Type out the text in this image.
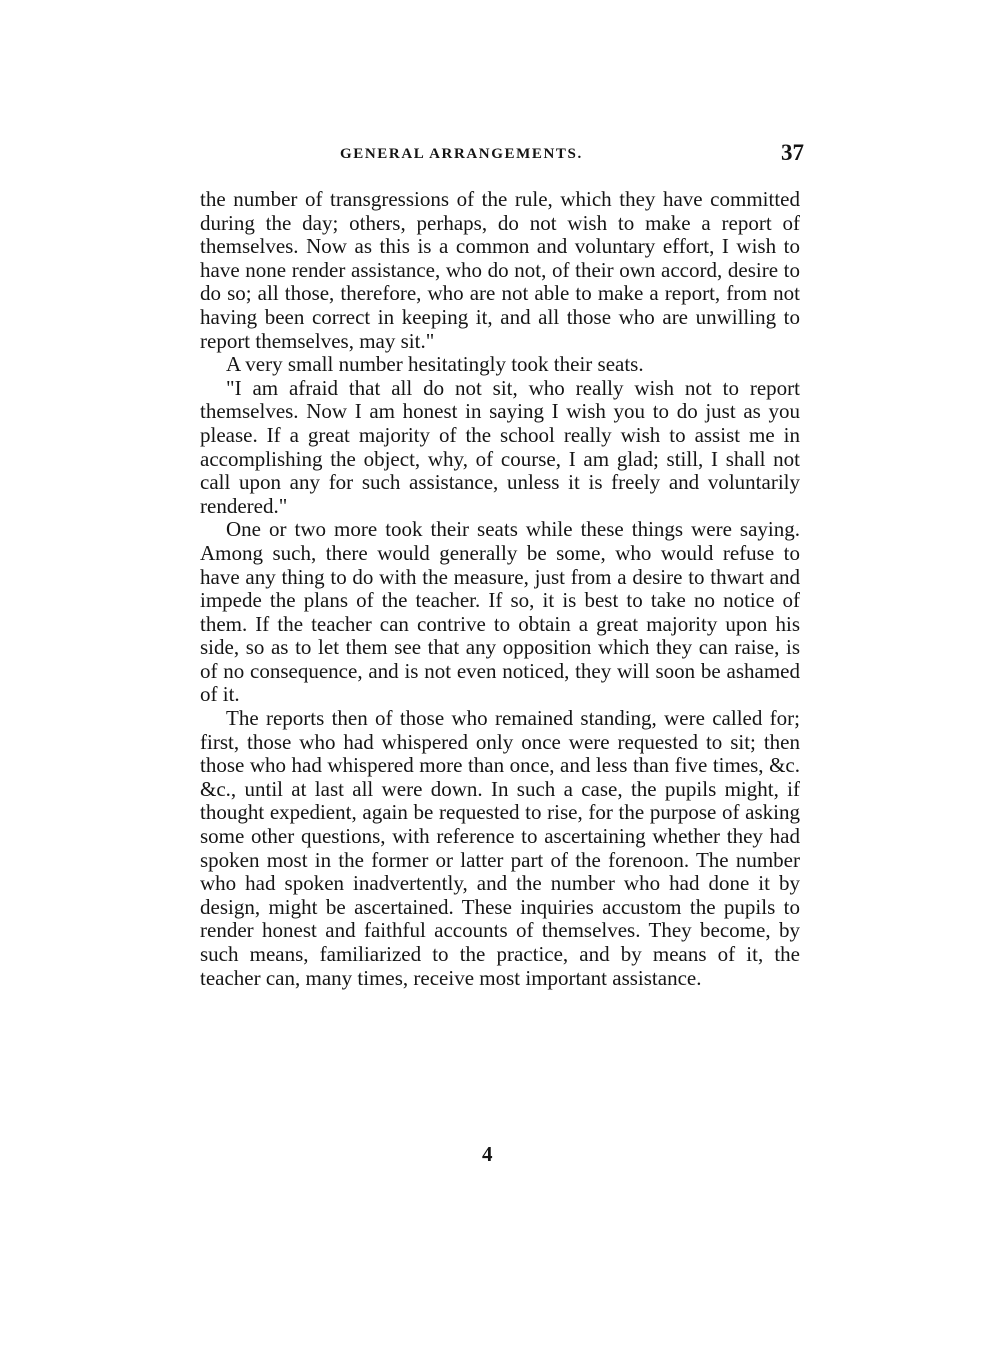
GENERAL ARRANGEMENTS.	37

the number of transgressions of the rule, which they have committed during the day; others, perhaps, do not wish to make a report of themselves. Now as this is a common and voluntary effort, I wish to have none render assistance, who do not, of their own accord, desire to do so; all those, therefore, who are not able to make a report, from not having been correct in keeping it, and all those who are unwilling to report themselves, may sit."

A very small number hesitatingly took their seats.

"I am afraid that all do not sit, who really wish not to report themselves. Now I am honest in saying I wish you to do just as you please. If a great majority of the school really wish to assist me in accomplishing the object, why, of course, I am glad; still, I shall not call upon any for such assistance, unless it is freely and voluntarily rendered."

One or two more took their seats while these things were saying. Among such, there would generally be some, who would refuse to have any thing to do with the measure, just from a desire to thwart and impede the plans of the teacher. If so, it is best to take no notice of them. If the teacher can contrive to obtain a great majority upon his side, so as to let them see that any opposition which they can raise, is of no consequence, and is not even noticed, they will soon be ashamed of it.

The reports then of those who remained standing, were called for; first, those who had whispered only once were requested to sit; then those who had whispered more than once, and less than five times, &c. &c., until at last all were down. In such a case, the pupils might, if thought expedient, again be requested to rise, for the purpose of asking some other questions, with reference to ascertaining whether they had spoken most in the former or latter part of the forenoon. The number who had spoken inadvertently, and the number who had done it by design, might be ascertained. These inquiries accustom the pupils to render honest and faithful accounts of themselves. They become, by such means, familiarized to the practice, and by means of it, the teacher can, many times, receive most important assistance.

4
